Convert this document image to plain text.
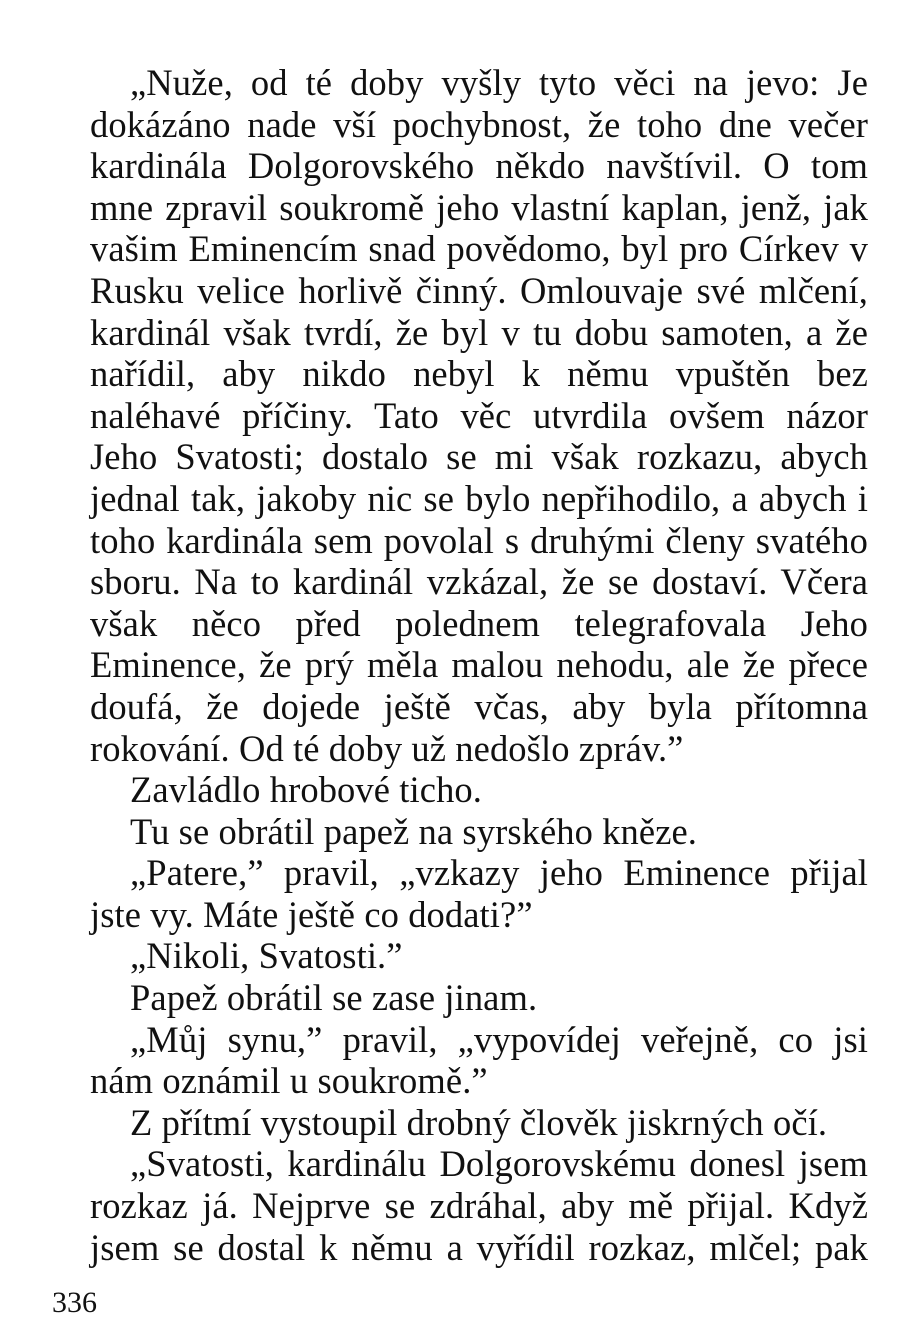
„Nuže, od té doby vyšly tyto věci na jevo: Je
dokázáno nade vší pochybnost, že toho dne večer
kardinála Dolgorovského někdo navštívil. O tom
mne zpravil soukromě jeho vlastní kaplan, jenž, jak
vašim Eminencím snad povědomo, byl pro Církev v
Rusku velice horlivě činný. Omlouvaje své mlčení,
kardinál však tvrdí, že byl v tu dobu samoten, a že
nařídil, aby nikdo nebyl k němu vpuštěn bez
naléhavé příčiny. Tato věc utvrdila ovšem názor
Jeho Svatosti; dostalo se mi však rozkazu, abych
jednal tak, jakoby nic se bylo nepřihodilo, a abych i
toho kardinála sem povolal s druhými členy svatého
sboru. Na to kardinál vzkázal, že se dostaví. Včera
však něco před polednem telegrafovala Jeho
Eminence, že prý měla malou nehodu, ale že přece
doufá, že dojede ještě včas, aby byla přítomna
rokování. Od té doby už nedošlo zpráv.”
Zavládlo hrobové ticho.
Tu se obrátil papež na syrského kněze.
„Patere,” pravil, „vzkazy jeho Eminence přijal
jste vy. Máte ještě co dodati?”
„Nikoli, Svatosti.”
Papež obrátil se zase jinam.
„Můj synu,” pravil, „vypovídej veřejně, co jsi
nám oznámil u soukromě.”
Z přítmí vystoupil drobný člověk jiskrných očí.
„Svatosti, kardinálu Dolgorovskému donesl jsem
rozkaz já. Nejprve se zdráhal, aby mě přijal. Když
jsem se dostal k němu a vyřídil rozkaz, mlčel; pak
336
